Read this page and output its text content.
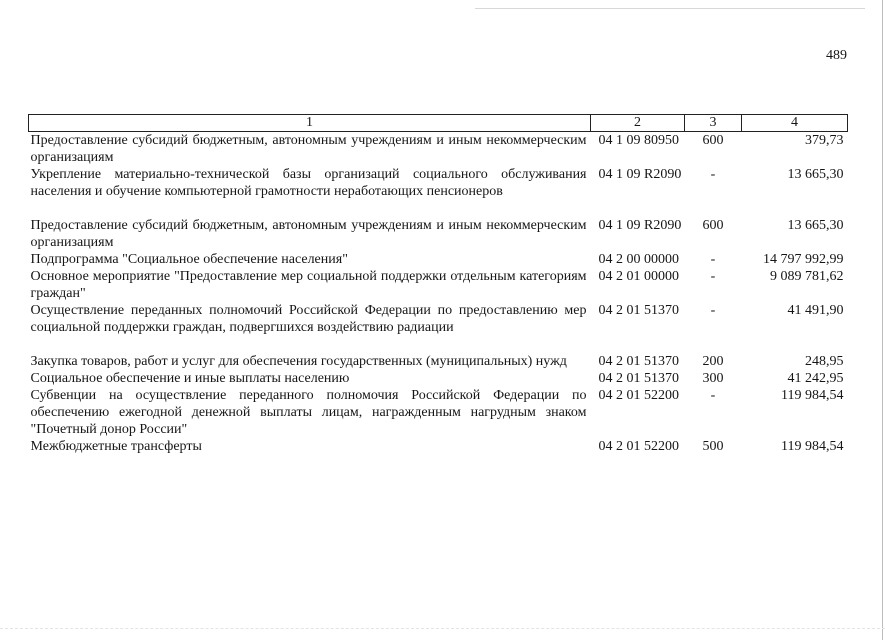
489
1	2	3	4
Предоставление субсидий бюджетным, автономным учреждениям и иным некоммерческим организациям	04 1 09 80950	600	379,73
Укрепление материально-технической базы организаций социального обслуживания населения и обучение компьютерной грамотности неработающих пенсионеров	04 1 09 R2090	-	13 665,30
Предоставление субсидий бюджетным, автономным учреждениям и иным некоммерческим организациям	04 1 09 R2090	600	13 665,30
Подпрограмма "Социальное обеспечение населения"	04 2 00 00000	-	14 797 992,99
Основное мероприятие "Предоставление мер социальной поддержки отдельным категориям граждан"	04 2 01 00000	-	9 089 781,62
Осуществление переданных полномочий Российской Федерации по предоставлению мер социальной поддержки граждан, подвергшихся воздействию радиации	04 2 01 51370	-	41 491,90
Закупка товаров, работ и услуг для обеспечения государственных (муниципальных) нужд	04 2 01 51370	200	248,95
Социальное обеспечение и иные выплаты населению	04 2 01 51370	300	41 242,95
Субвенции на осуществление переданного полномочия Российской Федерации по обеспечению ежегодной денежной выплаты лицам, награжденным нагрудным знаком "Почетный донор России"	04 2 01 52200	-	119 984,54
Межбюджетные трансферты	04 2 01 52200	500	119 984,54
